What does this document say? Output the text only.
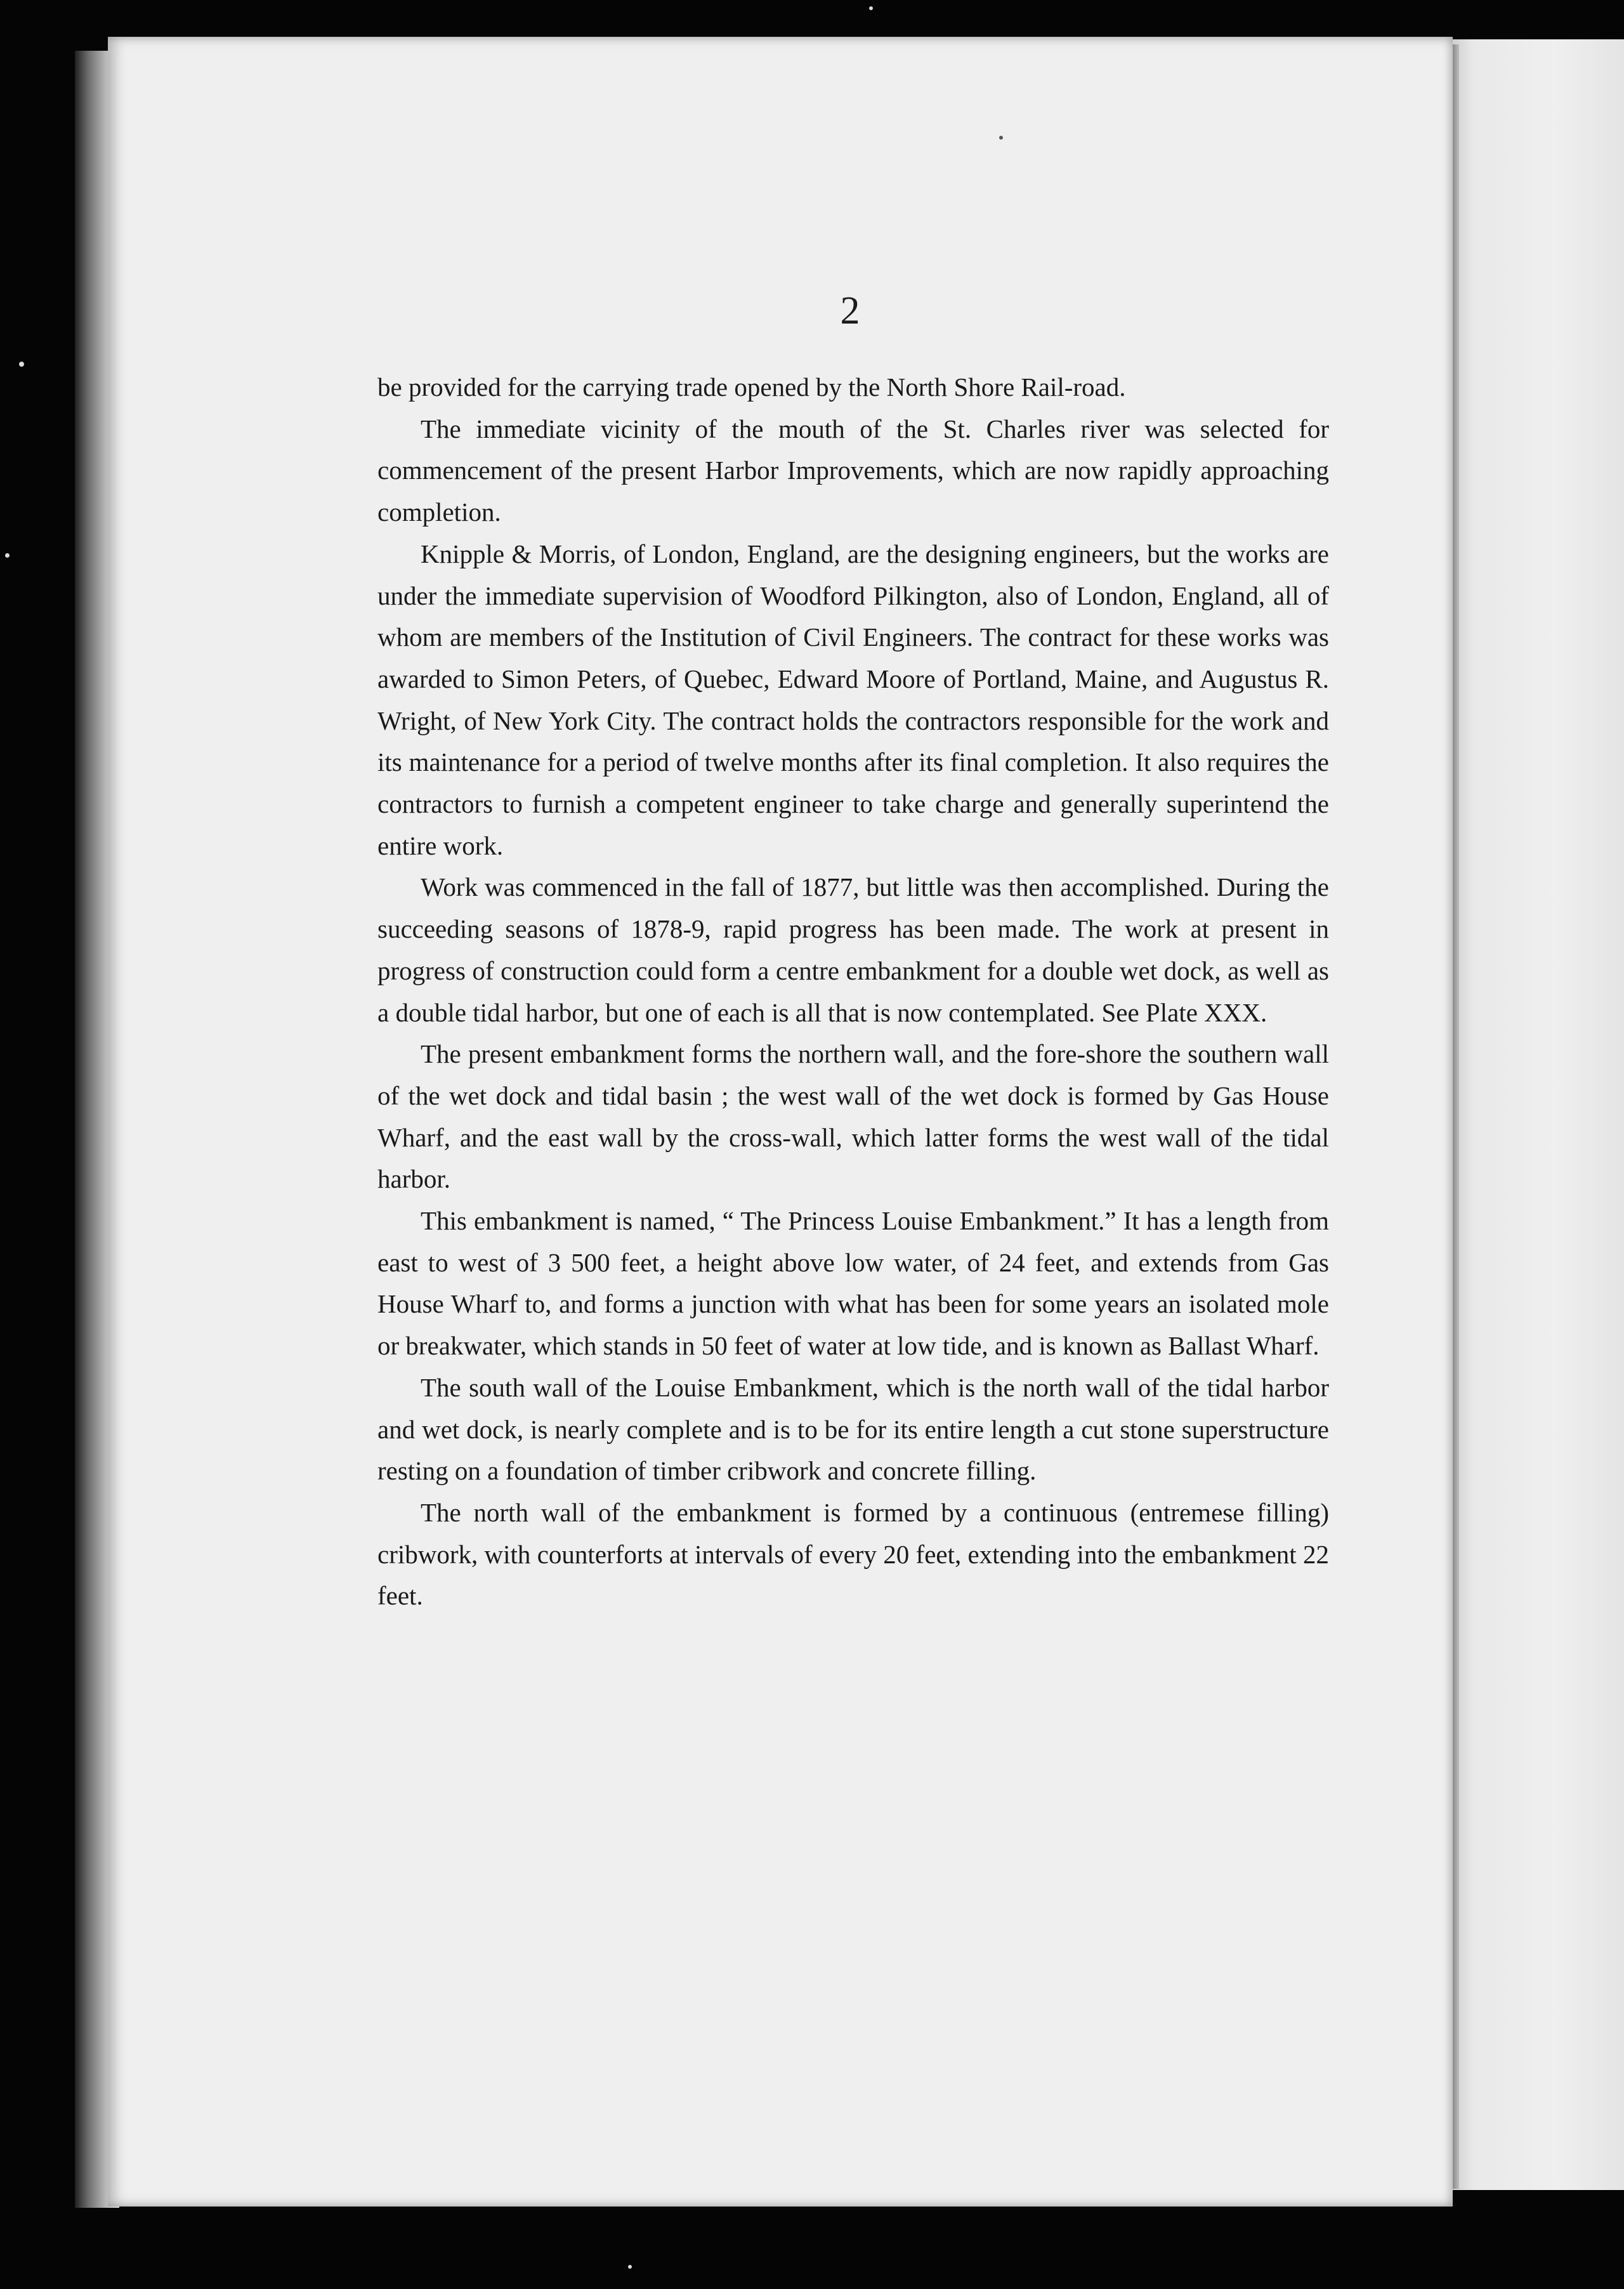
2

be provided for the carrying trade opened by the North Shore Rail-road.

The immediate vicinity of the mouth of the St. Charles river was selected for commencement of the present Harbor Improvements, which are now rapidly approaching completion.

Knipple & Morris, of London, England, are the designing engineers, but the works are under the immediate supervision of Woodford Pilkington, also of London, England, all of whom are members of the Institution of Civil Engineers. The contract for these works was awarded to Simon Peters, of Quebec, Edward Moore of Portland, Maine, and Augustus R. Wright, of New York City. The contract holds the contractors responsible for the work and its maintenance for a period of twelve months after its final completion. It also requires the contractors to furnish a competent engineer to take charge and generally superintend the entire work.

Work was commenced in the fall of 1877, but little was then accomplished. During the succeeding seasons of 1878-9, rapid progress has been made. The work at present in progress of construction could form a centre embankment for a double wet dock, as well as a double tidal harbor, but one of each is all that is now contemplated. See Plate XXX.

The present embankment forms the northern wall, and the fore-shore the southern wall of the wet dock and tidal basin ; the west wall of the wet dock is formed by Gas House Wharf, and the east wall by the cross-wall, which latter forms the west wall of the tidal harbor.

This embankment is named, “ The Princess Louise Embankment.” It has a length from east to west of 3 500 feet, a height above low water, of 24 feet, and extends from Gas House Wharf to, and forms a junction with what has been for some years an isolated mole or breakwater, which stands in 50 feet of water at low tide, and is known as Ballast Wharf.

The south wall of the Louise Embankment, which is the north wall of the tidal harbor and wet dock, is nearly complete and is to be for its entire length a cut stone superstructure resting on a foundation of timber cribwork and concrete filling.

The north wall of the embankment is formed by a continuous (entremese filling) cribwork, with counterforts at intervals of every 20 feet, extending into the embankment 22 feet.
